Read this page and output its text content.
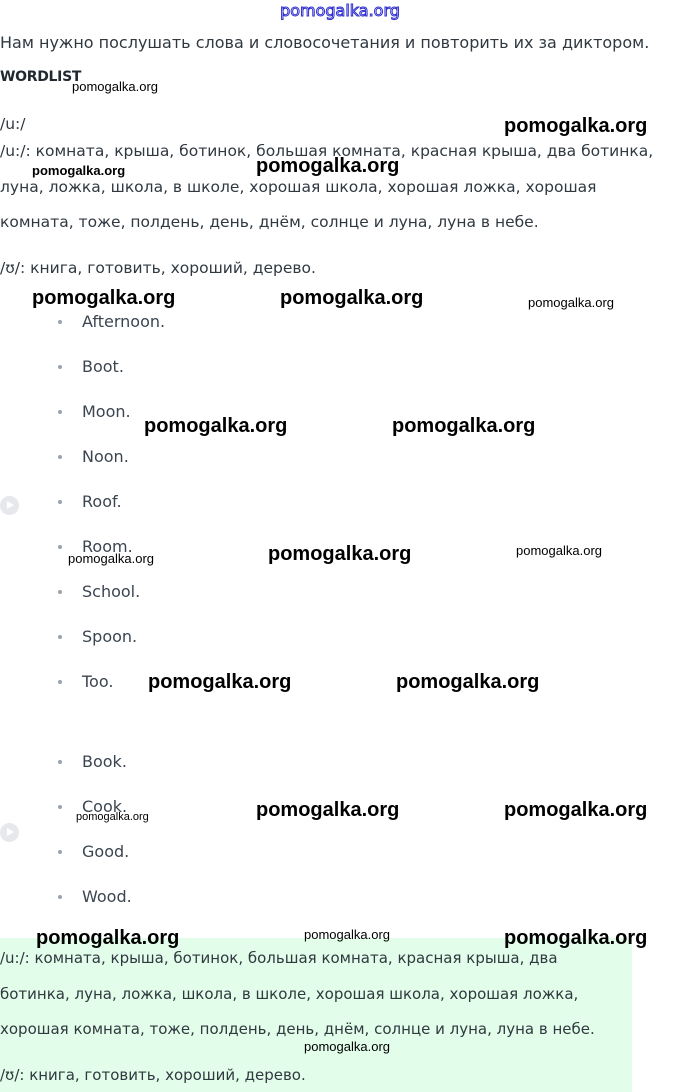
pomogalka.org
Нам нужно послушать слова и словосочетания и повторить их за диктором.
WORDLIST
/u:/
/u:/: комната, крыша, ботинок, большая комната, красная крыша, два ботинка,
луна, ложка, школа, в школе, хорошая школа, хорошая ложка, хорошая
комната, тоже, полдень, день, днём, солнце и луна, луна в небе.
/ʊ/: книга, готовить, хороший, дерево.
Afternoon.
Boot.
Moon.
Noon.
Roof.
Room.
School.
Spoon.
Too.
Book.
Cook.
Good.
Wood.
/u:/: комната, крыша, ботинок, большая комната, красная крыша, два
ботинка, луна, ложка, школа, в школе, хорошая школа, хорошая ложка,
хорошая комната, тоже, полдень, день, днём, солнце и луна, луна в небе.
/ʊ/: книга, готовить, хороший, дерево.
pomogalka.org
pomogalka.org
pomogalka.org
pomogalka.org
pomogalka.org	pomogalka.org	pomogalka.org
pomogalka.org	pomogalka.org
pomogalka.org	pomogalka.org	pomogalka.org
pomogalka.org	pomogalka.org
pomogalka.org	pomogalka.org	pomogalka.org
pomogalka.org	pomogalka.org	pomogalka.org
pomogalka.org
